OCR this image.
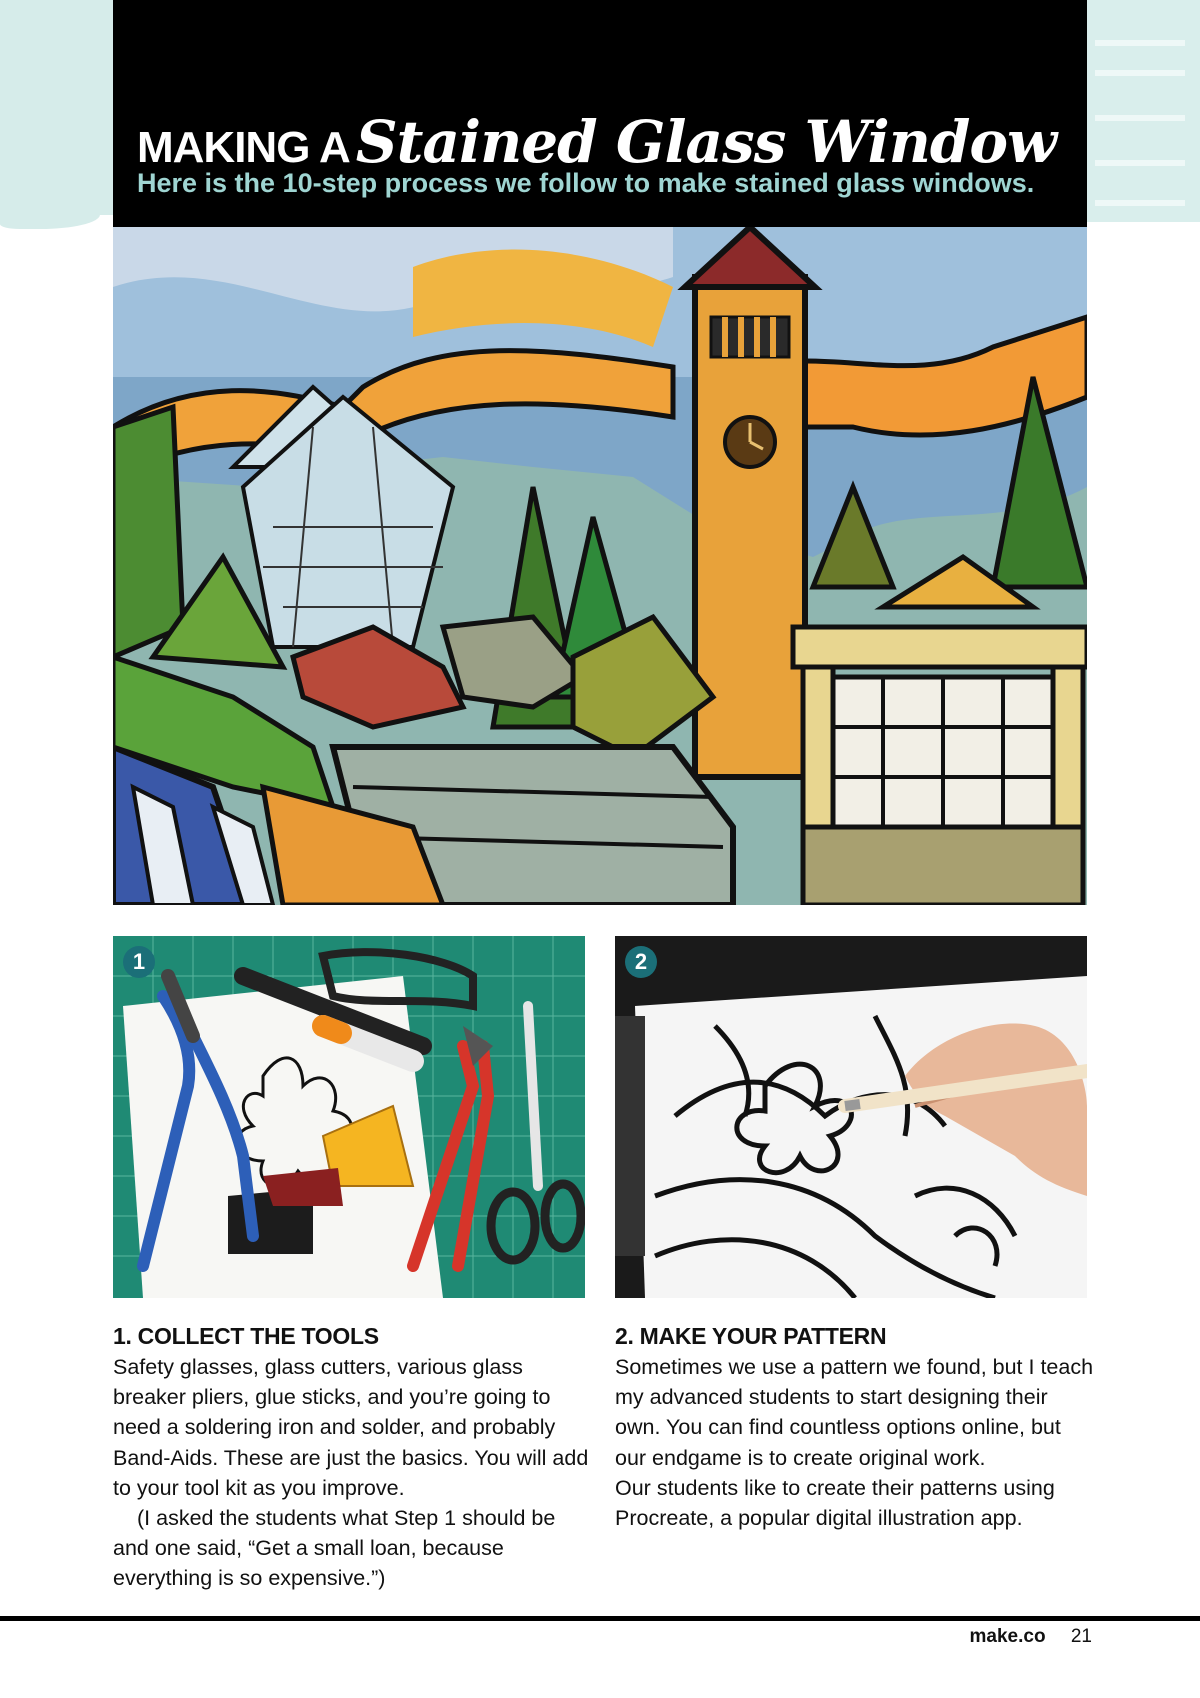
MAKING A Stained Glass Window
Here is the 10-step process we follow to make stained glass windows.
1	2
1. COLLECT THE TOOLS

Safety glasses, glass cutters, various glass breaker pliers, glue sticks, and you’re going to need a soldering iron and solder, and probably Band-Aids. These are just the basics. You will add to your tool kit as you improve.

(I asked the students what Step 1 should be and one said, “Get a small loan, because everything is so expensive.”)

2. MAKE YOUR PATTERN

Sometimes we use a pattern we found, but I teach my advanced students to start designing their own. You can find countless options online, but our endgame is to create original work.

Our students like to create their patterns using Procreate, a popular digital illustration app.

make.co 21
